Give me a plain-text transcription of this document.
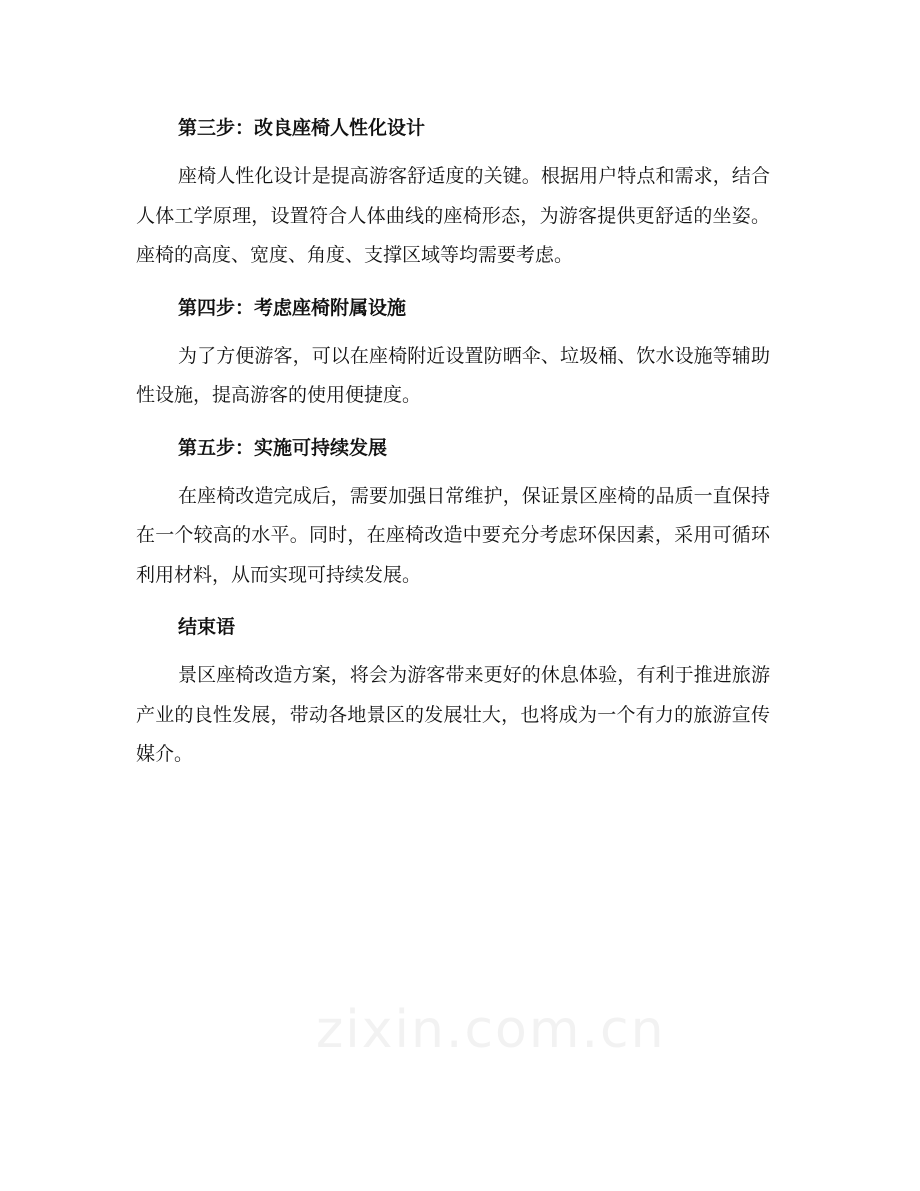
第三步：改良座椅人性化设计

座椅人性化设计是提高游客舒适度的关键。根据用户特点和需求，结合人体工学原理，设置符合人体曲线的座椅形态，为游客提供更舒适的坐姿。座椅的高度、宽度、角度、支撑区域等均需要考虑。

第四步：考虑座椅附属设施

为了方便游客，可以在座椅附近设置防晒伞、垃圾桶、饮水设施等辅助性设施，提高游客的使用便捷度。

第五步：实施可持续发展

在座椅改造完成后，需要加强日常维护，保证景区座椅的品质一直保持在一个较高的水平。同时，在座椅改造中要充分考虑环保因素，采用可循环利用材料，从而实现可持续发展。

结束语

景区座椅改造方案，将会为游客带来更好的休息体验，有利于推进旅游产业的良性发展，带动各地景区的发展壮大，也将成为一个有力的旅游宣传媒介。

zixin.com.cn
